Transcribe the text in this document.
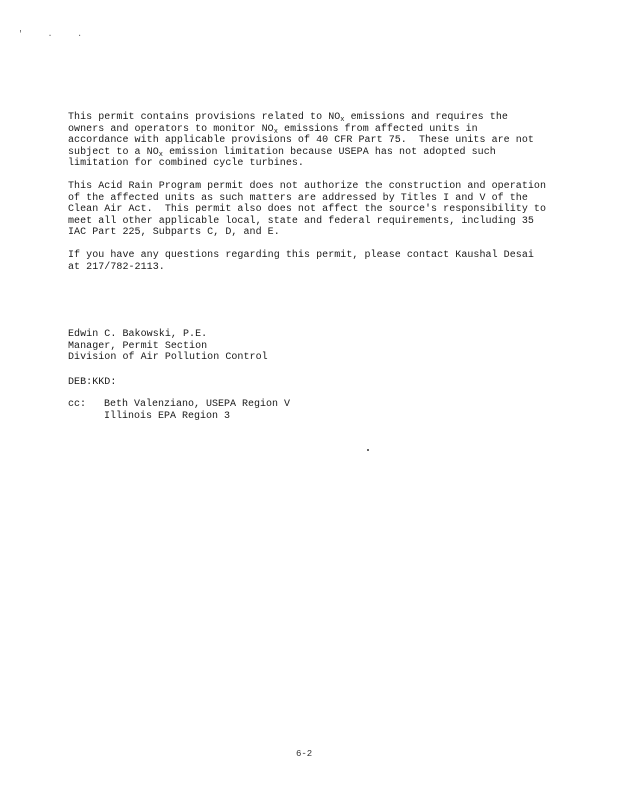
' . .
This permit contains provisions related to $NO_x$ emissions and requires the
owners and operators to monitor $NO_x$ emissions from affected units in
accordance with applicable provisions of 40 CFR Part 75.  These units are not
subject to a $NO_x$ emission limitation because USEPA has not adopted such
limitation for combined cycle turbines.
This Acid Rain Program permit does not authorize the construction and operation
of the affected units as such matters are addressed by Titles I and V of the
Clean Air Act.  This permit also does not affect the source's responsibility to
meet all other applicable local, state and federal requirements, including 35
IAC Part 225, Subparts C, D, and E.
If you have any questions regarding this permit, please contact Kaushal Desai
at 217/782-2113.
Edwin C. Bakowski, P.E.
Manager, Permit Section
Division of Air Pollution Control
DEB:KKD:
cc:	Beth Valenziano, USEPA Region V
Illinois EPA Region 3
6-2
